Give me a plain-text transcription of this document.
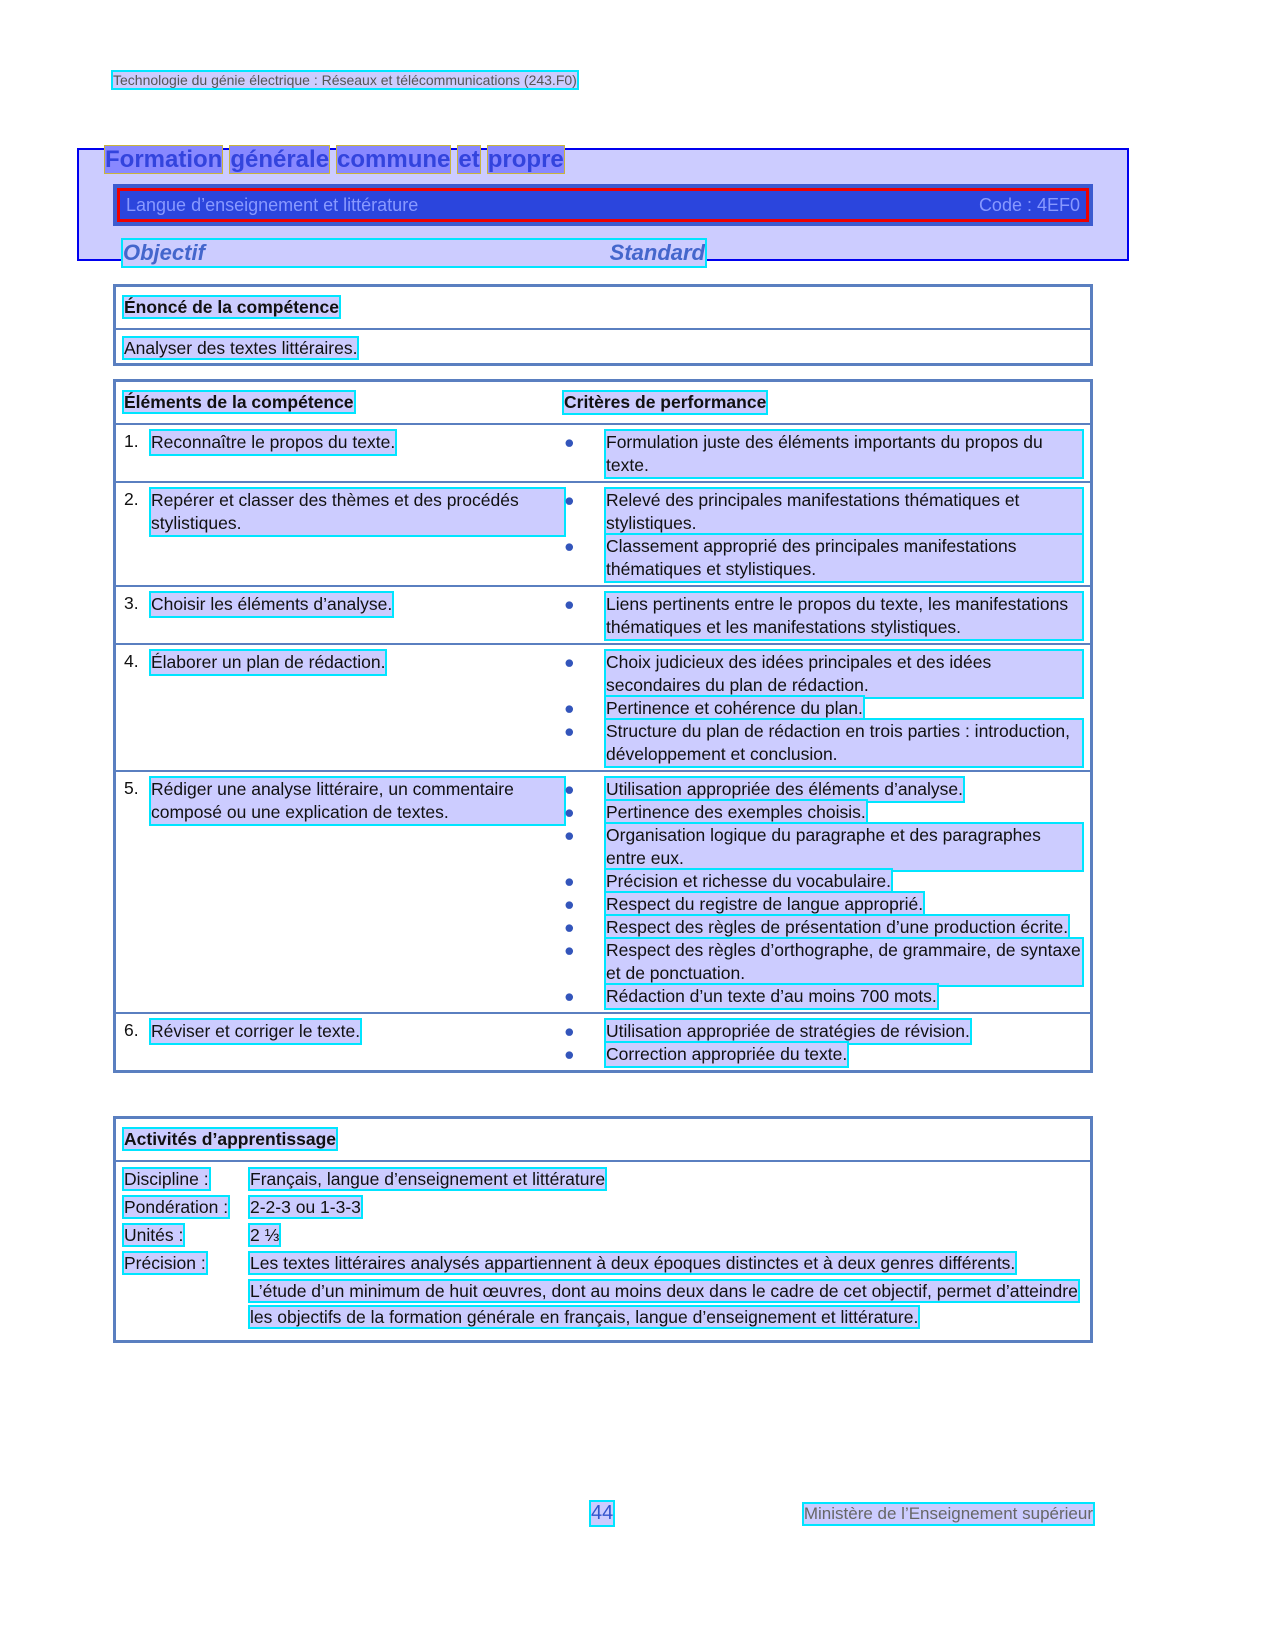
Technologie du génie électrique : Réseaux et télécommunications (243.F0)
Formation générale commune et propre
Langue d’enseignement et littérature	Code : 4EF0
Objectif	Standard
Énoncé de la compétence
Analyser des textes littéraires.
Éléments de la compétence	Critères de performance
1. Reconnaître le propos du texte.	●	Formulation juste des éléments importants du propos du texte.
2. Repérer et classer des thèmes et des procédés stylistiques.
●	Relevé des principales manifestations thématiques et stylistiques.
●	Classement approprié des principales manifestations thématiques et stylistiques.
3. Choisir les éléments d’analyse.	●	Liens pertinents entre le propos du texte, les manifestations thématiques et les manifestations stylistiques.
4. Élaborer un plan de rédaction.	●	Choix judicieux des idées principales et des idées secondaires du plan de rédaction.
●	Pertinence et cohérence du plan.
●	Structure du plan de rédaction en trois parties : introduction, développement et conclusion.
5. Rédiger une analyse littéraire, un commentaire composé ou une explication de textes.
●	Utilisation appropriée des éléments d’analyse.
●	Pertinence des exemples choisis.
●	Organisation logique du paragraphe et des paragraphes entre eux.
●	Précision et richesse du vocabulaire.
●	Respect du registre de langue approprié.
●	Respect des règles de présentation d’une production écrite.
●	Respect des règles d’orthographe, de grammaire, de syntaxe et de ponctuation.
●	Rédaction d’un texte d’au moins 700 mots.
6. Réviser et corriger le texte.	●	Utilisation appropriée de stratégies de révision.
●	Correction appropriée du texte.
Activités d’apprentissage
Discipline :	Français, langue d’enseignement et littérature
Pondération :	2-2-3 ou 1-3-3
Unités :	2 ⅓
Précision :	Les textes littéraires analysés appartiennent à deux époques distinctes et à deux genres différents.
L’étude d’un minimum de huit œuvres, dont au moins deux dans le cadre de cet objectif, permet d’atteindre les objectifs de la formation générale en français, langue d’enseignement et littérature.
44	Ministère de l’Enseignement supérieur
